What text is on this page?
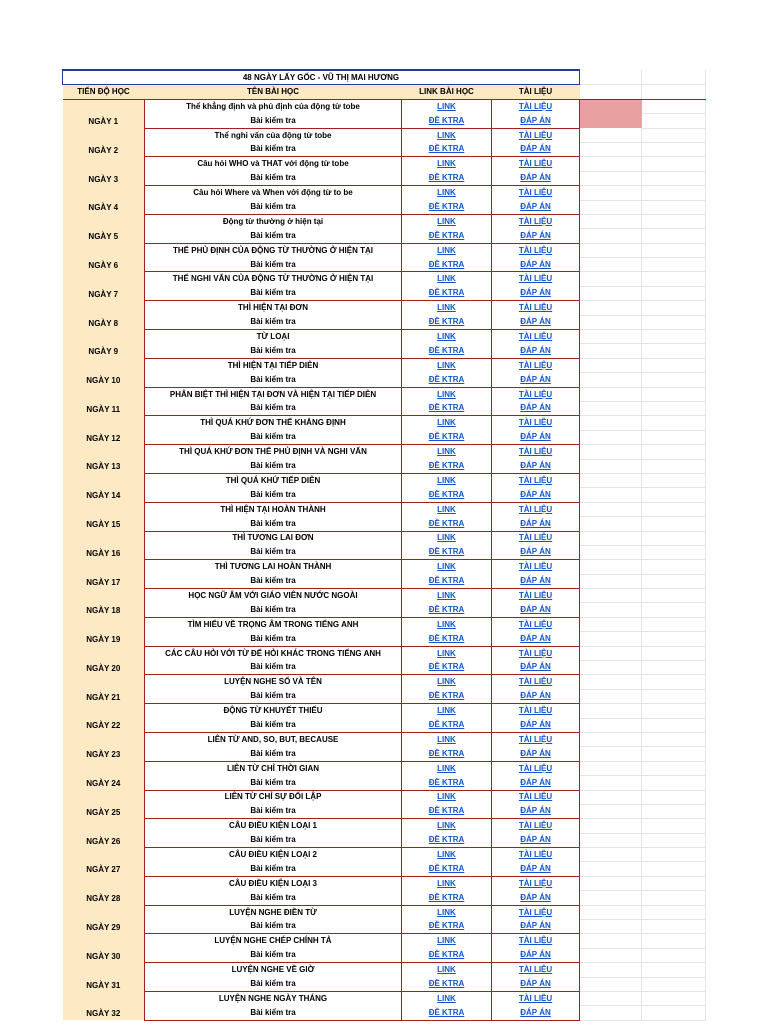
48 NGÀY LẤY GỐC - VŨ THỊ MAI HƯƠNG					
TIẾN ĐỘ HỌC	TÊN BÀI HỌC	LINK BÀI HỌC	TÀI LIỆU		
NGÀY 1	Thể khẳng định và phủ định của động từ tobe	LINK	TÀI LIỆU		
	Bài kiểm tra	ĐỀ KTRA	ĐÁP ÁN		
NGÀY 2	Thể nghi vấn của động từ tobe	LINK	TÀI LIỆU		
	Bài kiểm tra	ĐỀ KTRA	ĐÁP ÁN		
NGÀY 3	Câu hỏi WHO và THAT với động từ tobe	LINK	TÀI LIỆU		
	Bài kiểm tra	ĐỀ KTRA	ĐÁP ÁN		
NGÀY 4	Câu hỏi Where và When với động từ to be	LINK	TÀI LIỆU		
	Bài kiểm tra	ĐỀ KTRA	ĐÁP ÁN		
NGÀY 5	Động từ thường ở hiện tại	LINK	TÀI LIỆU		
	Bài kiểm tra	ĐỀ KTRA	ĐÁP ÁN		
NGÀY 6	THỂ PHỦ ĐỊNH CỦA ĐỘNG TỪ THƯỜNG Ở HIỆN TẠI	LINK	TÀI LIỆU		
	Bài kiểm tra	ĐỀ KTRA	ĐÁP ÁN		
NGÀY 7	THỂ NGHI VẤN CỦA ĐỘNG TỪ THƯỜNG Ở HIỆN TẠI	LINK	TÀI LIỆU		
	Bài kiểm tra	ĐỀ KTRA	ĐÁP ÁN		
NGÀY 8	THÌ HIỆN TẠI ĐƠN	LINK	TÀI LIỆU		
	Bài kiểm tra	ĐỀ KTRA	ĐÁP ÁN		
NGÀY 9	TỪ LOẠI	LINK	TÀI LIỆU		
	Bài kiểm tra	ĐỀ KTRA	ĐÁP ÁN		
NGÀY 10	THÌ HIỆN TẠI TIẾP DIỄN	LINK	TÀI LIỆU		
	Bài kiểm tra	ĐỀ KTRA	ĐÁP ÁN		
NGÀY 11	PHÂN BIỆT THÌ HIỆN TẠI ĐƠN VÀ HIỆN TẠI TIẾP DIỄN	LINK	TÀI LIỆU		
	Bài kiểm tra	ĐỀ KTRA	ĐÁP ÁN		
NGÀY 12	THÌ QUÁ KHỨ ĐƠN THỂ KHẲNG ĐỊNH	LINK	TÀI LIỆU		
	Bài kiểm tra	ĐỀ KTRA	ĐÁP ÁN		
NGÀY 13	THÌ QUÁ KHỨ ĐƠN THỂ PHỦ ĐỊNH VÀ NGHI VẤN	LINK	TÀI LIỆU		
	Bài kiểm tra	ĐỀ KTRA	ĐÁP ÁN		
NGÀY 14	THÌ QUÁ KHỨ TIẾP DIỄN	LINK	TÀI LIỆU		
	Bài kiểm tra	ĐỀ KTRA	ĐÁP ÁN		
NGÀY 15	THÌ HIỆN TẠI HOÀN THÀNH	LINK	TÀI LIỆU		
	Bài kiểm tra	ĐỀ KTRA	ĐÁP ÁN		
NGÀY 16	THÌ TƯƠNG LAI ĐƠN	LINK	TÀI LIỆU		
	Bài kiểm tra	ĐỀ KTRA	ĐÁP ÁN		
NGÀY 17	THÌ TƯƠNG LAI HOÀN THÀNH	LINK	TÀI LIỆU		
	Bài kiểm tra	ĐỀ KTRA	ĐÁP ÁN		
NGÀY 18	HỌC NGỮ ÂM VỚI GIÁO VIÊN NƯỚC NGOÀI	LINK	TÀI LIỆU		
	Bài kiểm tra	ĐỀ KTRA	ĐÁP ÁN		
NGÀY 19	TÌM HIỂU VỀ TRỌNG ÂM TRONG TIẾNG ANH	LINK	TÀI LIỆU		
	Bài kiểm tra	ĐỀ KTRA	ĐÁP ÁN		
NGÀY 20	CÁC CÂU HỎI VỚI TỪ ĐỂ HỎI KHÁC TRONG TIẾNG ANH	LINK	TÀI LIỆU		
	Bài kiểm tra	ĐỀ KTRA	ĐÁP ÁN		
NGÀY 21	LUYỆN NGHE SỐ VÀ TÊN	LINK	TÀI LIỆU		
	Bài kiểm tra	ĐỀ KTRA	ĐÁP ÁN		
NGÀY 22	ĐỘNG TỪ KHUYẾT THIẾU	LINK	TÀI LIỆU		
	Bài kiểm tra	ĐỀ KTRA	ĐÁP ÁN		
NGÀY 23	LIÊN TỪ AND, SO, BUT, BECAUSE	LINK	TÀI LIỆU		
	Bài kiểm tra	ĐỀ KTRA	ĐÁP ÁN		
NGÀY 24	LIÊN TỪ CHỈ THỜI GIAN	LINK	TÀI LIỆU		
	Bài kiểm tra	ĐỀ KTRA	ĐÁP ÁN		
NGÀY 25	LIÊN TỪ CHỈ SỰ ĐỐI LẬP	LINK	TÀI LIỆU		
	Bài kiểm tra	ĐỀ KTRA	ĐÁP ÁN		
NGÀY 26	CÂU ĐIỀU KIỆN LOẠI 1	LINK	TÀI LIỆU		
	Bài kiểm tra	ĐỀ KTRA	ĐÁP ÁN		
NGÀY 27	CÂU ĐIỀU KIỆN LOẠI 2	LINK	TÀI LIỆU		
	Bài kiểm tra	ĐỀ KTRA	ĐÁP ÁN		
NGÀY 28	CÂU ĐIỀU KIỆN LOẠI 3	LINK	TÀI LIỆU		
	Bài kiểm tra	ĐỀ KTRA	ĐÁP ÁN		
NGÀY 29	LUYỆN NGHE ĐIỀN TỪ	LINK	TÀI LIỆU		
	Bài kiểm tra	ĐỀ KTRA	ĐÁP ÁN		
NGÀY 30	LUYỆN NGHE CHÉP CHÍNH TẢ	LINK	TÀI LIỆU		
	Bài kiểm tra	ĐỀ KTRA	ĐÁP ÁN		
NGÀY 31	LUYỆN NGHE VỀ GIỜ	LINK	TÀI LIỆU		
	Bài kiểm tra	ĐỀ KTRA	ĐÁP ÁN		
NGÀY 32	LUYỆN NGHE NGÀY THÁNG	LINK	TÀI LIỆU		
	Bài kiểm tra	ĐỀ KTRA	ĐÁP ÁN		
